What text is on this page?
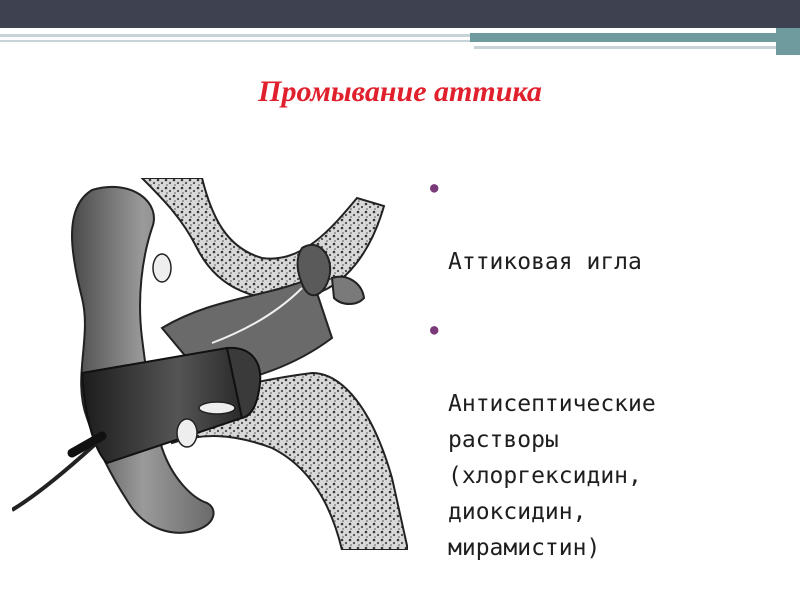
Промывание аттика

●

Аттиковая игла

●

Антисептические
растворы
(хлоргексидин,
диоксидин,
мирамистин)
